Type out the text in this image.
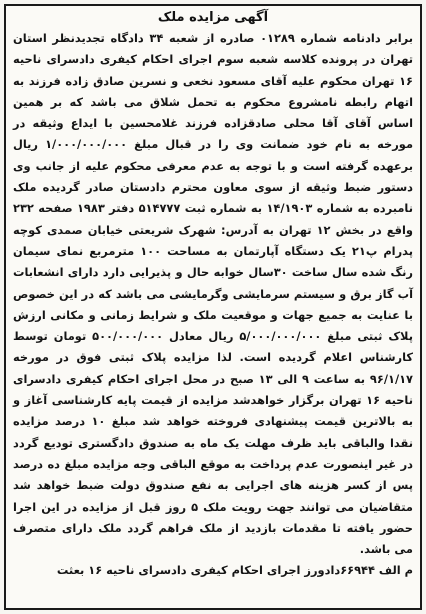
آگهی مزایده ملک

برابر دادنامه شماره ۰۱۲۸۹ صادره از شعبه ۳۴ دادگاه تجدیدنظر استان تهران در پرونده کلاسه شعبه سوم اجرای احکام کیفری دادسرای ناحیه ۱۶ تهران محکوم علیه آقای مسعود نخعی و نسرین صادق زاده فرزند به اتهام رابطه نامشروع محکوم به تحمل شلاق می باشد که بر همین اساس آقای آقا محلی صادقزاده فرزند غلامحسین با ایداع وثیقه در مورخه به نام خود ضمانت وی را در قبال مبلغ ۱/۰۰۰/۰۰۰/۰۰۰ ریال برعهده گرفته است و با توجه به عدم معرفی محکوم علیه از جانب وی دستور ضبط وثیقه از سوی معاون محترم دادستان صادر گردیده ملک نامبرده به شماره ۱۴/۱۹۰۳ به شماره ثبت ۵۱۴۷۷۷ دفتر ۱۹۸۳ صفحه ۲۳۲ واقع در بخش ۱۲ تهران به آدرس: شهرک شریعتی خیابان صمدی کوچه پدرام پ۲۱ یک دستگاه آپارتمان به مساحت ۱۰۰ مترمربع نمای سیمان رنگ شده سال ساخت ۳۰سال خوابه حال و پذیرایی دارد دارای انشعابات آب گاز برق و سیستم سرمایشی وگرمایشی می باشد که در این خصوص با عنایت به جمیع جهات و موقعیت ملک و شرایط زمانی و مکانی ارزش پلاک ثبتی مبلغ ۵/۰۰۰/۰۰۰/۰۰۰ ریال معادل ۵۰۰/۰۰۰/۰۰۰ تومان توسط کارشناس اعلام گردیده است. لذا مزایده پلاک ثبتی فوق در مورخه ۹۶/۱/۱۷ به ساعت ۹ الی ۱۳ صبح در محل اجرای احکام کیفری دادسرای ناحیه ۱۶ تهران برگزار خواهدشد مزایده از قیمت پایه کارشناسی آغاز و به بالاترین قیمت پیشنهادی فروخته خواهد شد مبلغ ۱۰ درصد مزایده نقدا والباقی باید ظرف مهلت یک ماه به صندوق دادگستری تودیع گردد در غیر اینصورت عدم پرداخت به موقع الباقی وجه مزایده مبلغ ده درصد پس از کسر هزینه های اجرایی به نفع صندوق دولت ضبط خواهد شد متقاضیان می توانند جهت رویت ملک ۵ روز قبل از مزایده در این اجرا حضور یافته تا مقدمات بازدید از ملک فراهم گردد ملک دارای متصرف می باشد.

م الف ۶۶۹۴۴دادورز اجرای احکام کیفری دادسرای ناحیه ۱۶ بعثت
